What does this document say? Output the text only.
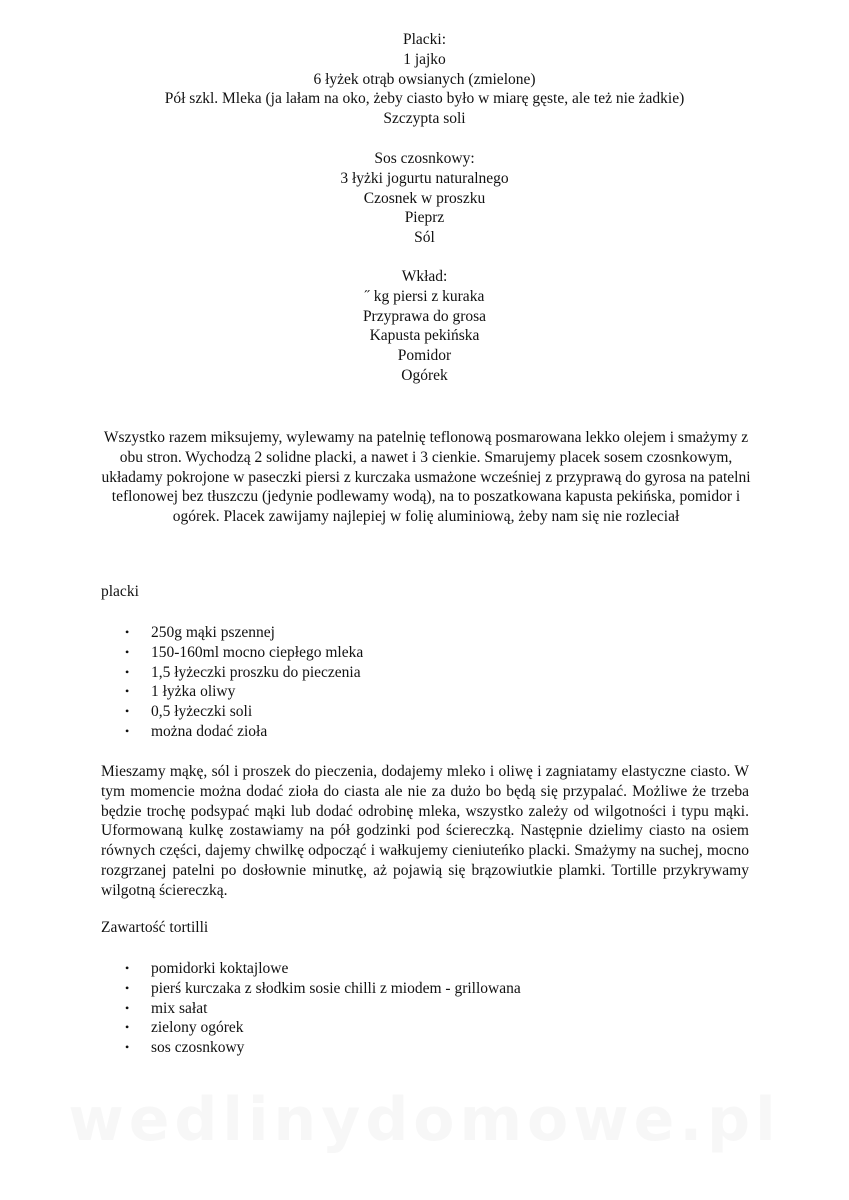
Placki:
1 jajko
6 łyżek otrąb owsianych (zmielone)
Pół szkl. Mleka (ja lałam na oko, żeby ciasto było w miarę gęste, ale też nie żadkie)
Szczypta soli
Sos czosnkowy:
3 łyżki jogurtu naturalnego
Czosnek w proszku
Pieprz
Sól
Wkład:
˝ kg piersi z kuraka
Przyprawa do grosa
Kapusta pekińska
Pomidor
Ogórek

Wszystko razem miksujemy, wylewamy na patelnię teflonową posmarowana lekko olejem i smażymy z obu stron. Wychodzą 2 solidne placki, a nawet i 3 cienkie. Smarujemy placek sosem czosnkowym, układamy pokrojone w paseczki piersi z kurczaka usmażone wcześniej z przyprawą do gyrosa na patelni teflonowej bez tłuszczu (jedynie podlewamy wodą), na to poszatkowana kapusta pekińska, pomidor i ogórek. Placek zawijamy najlepiej w folię aluminiową, żeby nam się nie rozleciał

placki

• 250g mąki pszennej
• 150-160ml mocno ciepłego mleka
• 1,5 łyżeczki proszku do pieczenia
• 1 łyżka oliwy
• 0,5 łyżeczki soli
• można dodać zioła

Mieszamy mąkę, sól i proszek do pieczenia, dodajemy mleko i oliwę i zagniatamy elastyczne ciasto. W tym momencie można dodać zioła do ciasta ale nie za dużo bo będą się przypalać. Możliwe że trzeba będzie trochę podsypać mąki lub dodać odrobinę mleka, wszystko zależy od wilgotności i typu mąki. Uformowaną kulkę zostawiamy na pół godzinki pod ściereczką. Następnie dzielimy ciasto na osiem równych części, dajemy chwilkę odpocząć i wałkujemy cieniuteńko placki. Smażymy na suchej, mocno rozgrzanej patelni po dosłownie minutkę, aż pojawią się brązowiutkie plamki. Tortille przykrywamy wilgotną ściereczką.

Zawartość tortilli

• pomidorki koktajlowe
• pierś kurczaka z słodkim sosie chilli z miodem - grillowana
• mix sałat
• zielony ogórek
• sos czosnkowy
wedlinydomowe.pl
